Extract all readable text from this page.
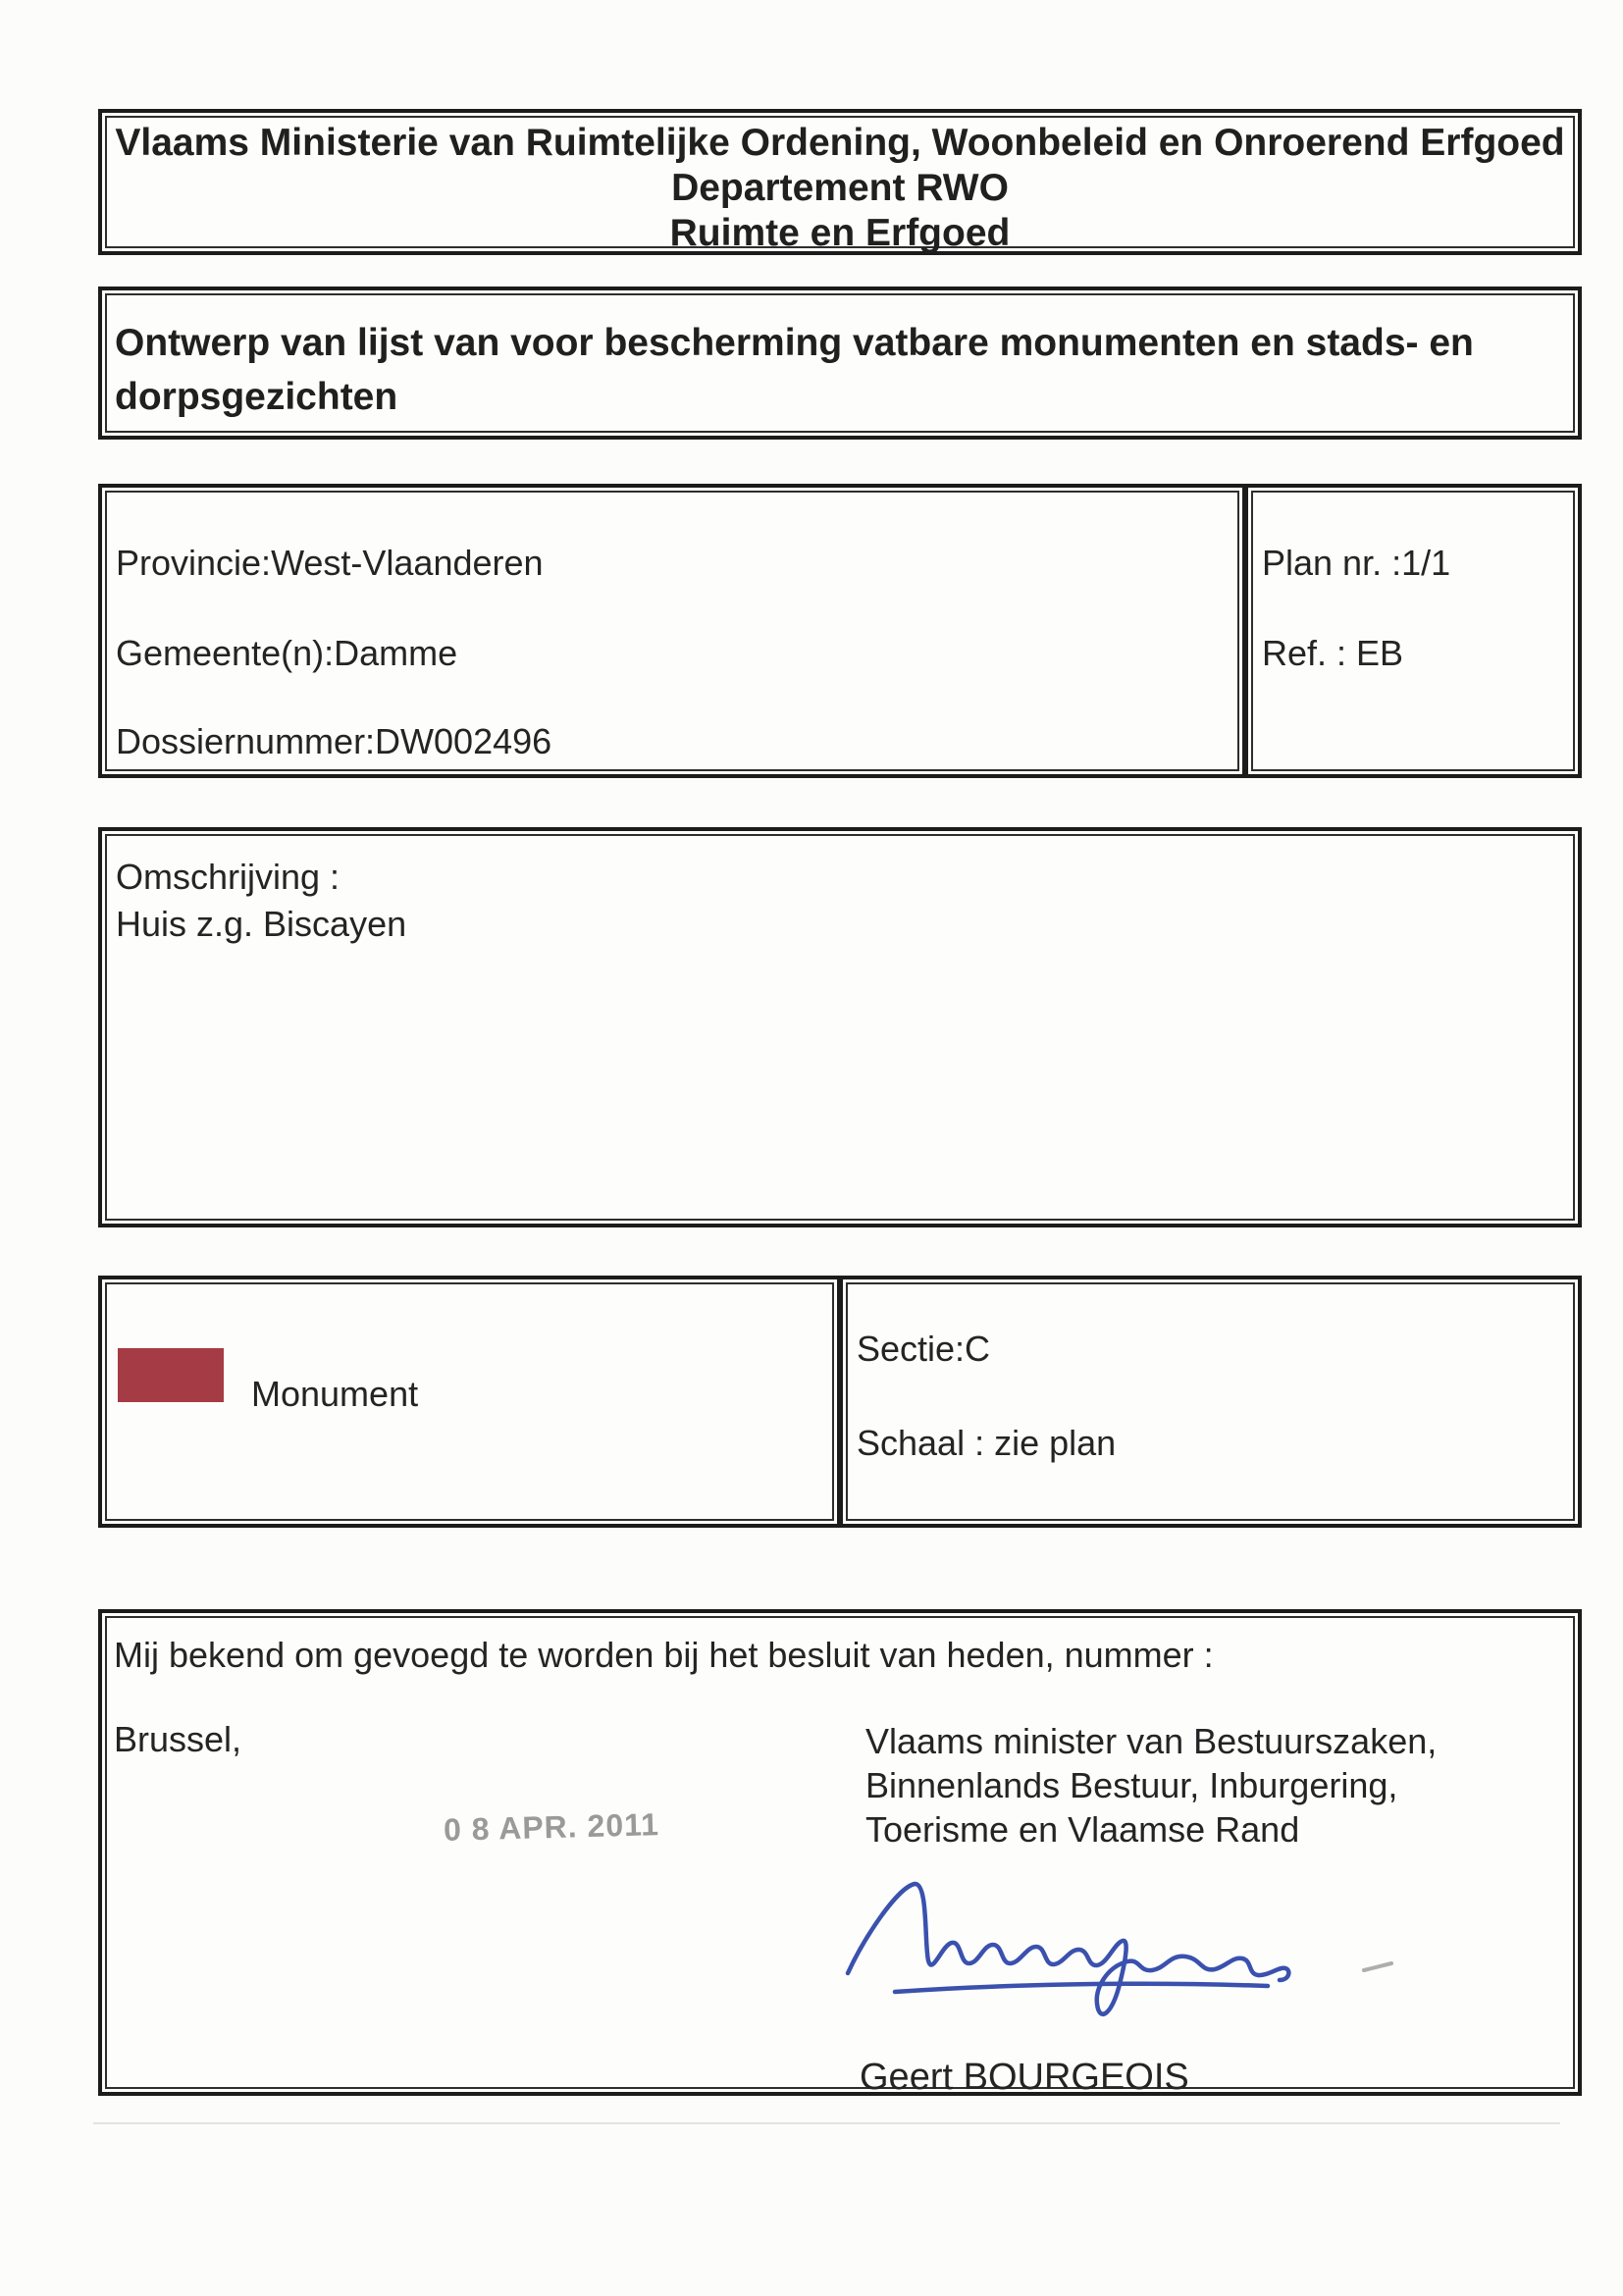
Vlaams Ministerie van Ruimtelijke Ordening, Woonbeleid en Onroerend Erfgoed
Departement RWO
Ruimte en Erfgoed
Ontwerp van lijst van voor bescherming vatbare monumenten en stads- en
dorpsgezichten
Provincie:West-Vlaanderen
Gemeente(n):Damme
Dossiernummer:DW002496
Plan nr. :1/1
Ref. : EB
Omschrijving :
Huis z.g. Biscayen
Monument
Sectie:C
Schaal : zie plan
Mij bekend om gevoegd te worden bij het besluit van heden, nummer :
Brussel,	Vlaams minister van Bestuurszaken,
Binnenlands Bestuur, Inburgering,
Toerisme en Vlaamse Rand
0 8 APR. 2011
Geert BOURGEOIS
